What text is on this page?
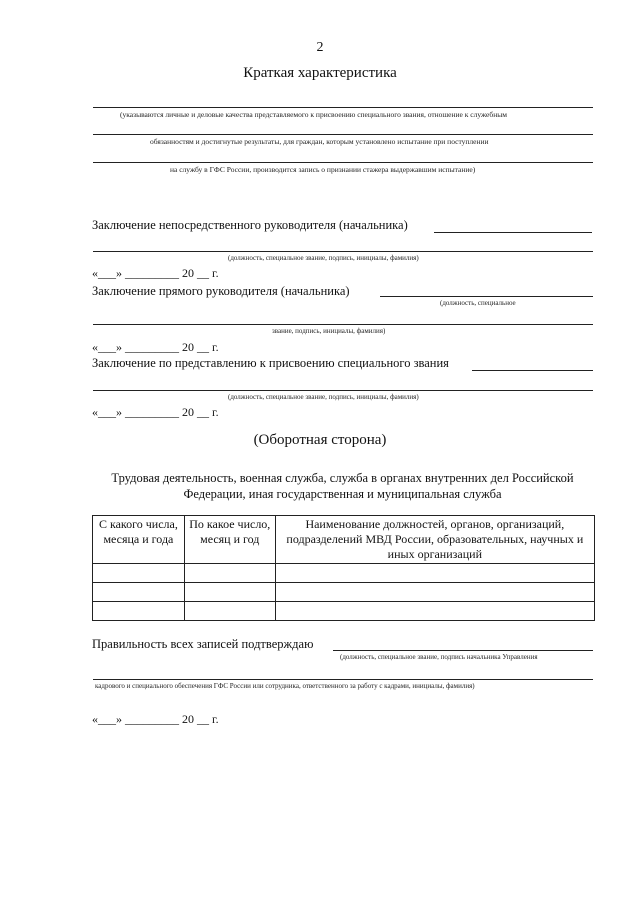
2
Краткая характеристика
(указываются личные и деловые качества представляемого к присвоению специального звания, отношение к служебным
обязанностям и достигнутые результаты, для граждан, которым установлено испытание при поступлении
на службу в ГФС России, производится запись о признании стажера выдержавшим испытание)
Заключение непосредственного руководителя (начальника)
(должность, специальное звание, подпись, инициалы, фамилия)
«___» _________ 20 __ г.
Заключение прямого руководителя (начальника)
(должность, специальное
звание, подпись, инициалы, фамилия)
«___» _________ 20 __ г.
Заключение по представлению к присвоению специального звания
(должность, специальное звание, подпись, инициалы, фамилия)
«___» _________ 20 __ г.
(Оборотная сторона)
Трудовая деятельность, военная служба, служба в органах внутренних дел Российской Федерации, иная государственная и муниципальная служба
С какого числа, месяца и года	По какое число, месяц и год	Наименование должностей, органов, организаций, подразделений МВД России, образовательных, научных и иных организаций

Правильность всех записей подтверждаю
(должность, специальное звание, подпись начальника Управления
кадрового и специального обеспечения ГФС России или сотрудника, ответственного за работу с кадрами, инициалы, фамилия)
«___» _________ 20 __ г.
